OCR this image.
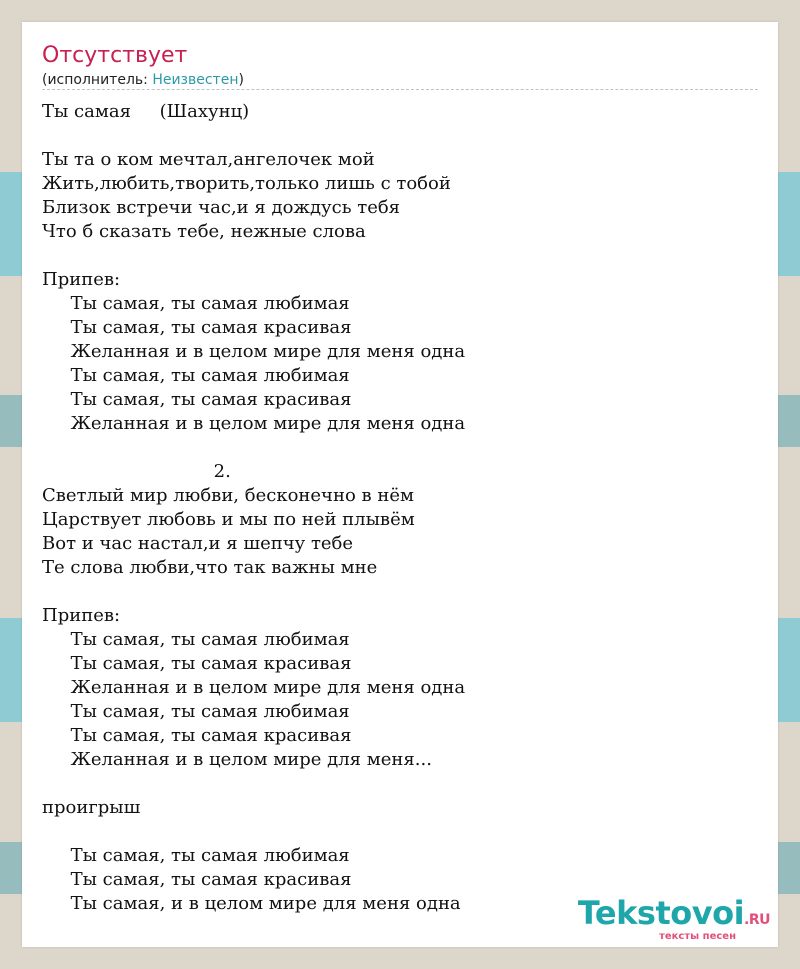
Отсутствует
(исполнитель: Неизвестен)
Ты самая     (Шахунц)
Ты та о ком мечтал,ангелочек мой
Жить,любить,творить,только лишь с тобой
Близок встречи час,и я дождусь тебя
Что б сказать тебе, нежные слова
Припев:
Ты самая, ты самая любимая
Ты самая, ты самая красивая
Желанная и в целом мире для меня одна
Ты самая, ты самая любимая
Ты самая, ты самая красивая
Желанная и в целом мире для меня одна
2.
Светлый мир любви, бесконечно в нём
Царствует любовь и мы по ней плывём
Вот и час настал,и я шепчу тебе
Те слова любви,что так важны мне
Припев:
Ты самая, ты самая любимая
Ты самая, ты самая красивая
Желанная и в целом мире для меня одна
Ты самая, ты самая любимая
Ты самая, ты самая красивая
Желанная и в целом мире для меня...
проигрыш
Ты самая, ты самая любимая
Ты самая, ты самая красивая
Ты самая, и в целом мире для меня одна	Tekstovoi.RU
тексты песен
